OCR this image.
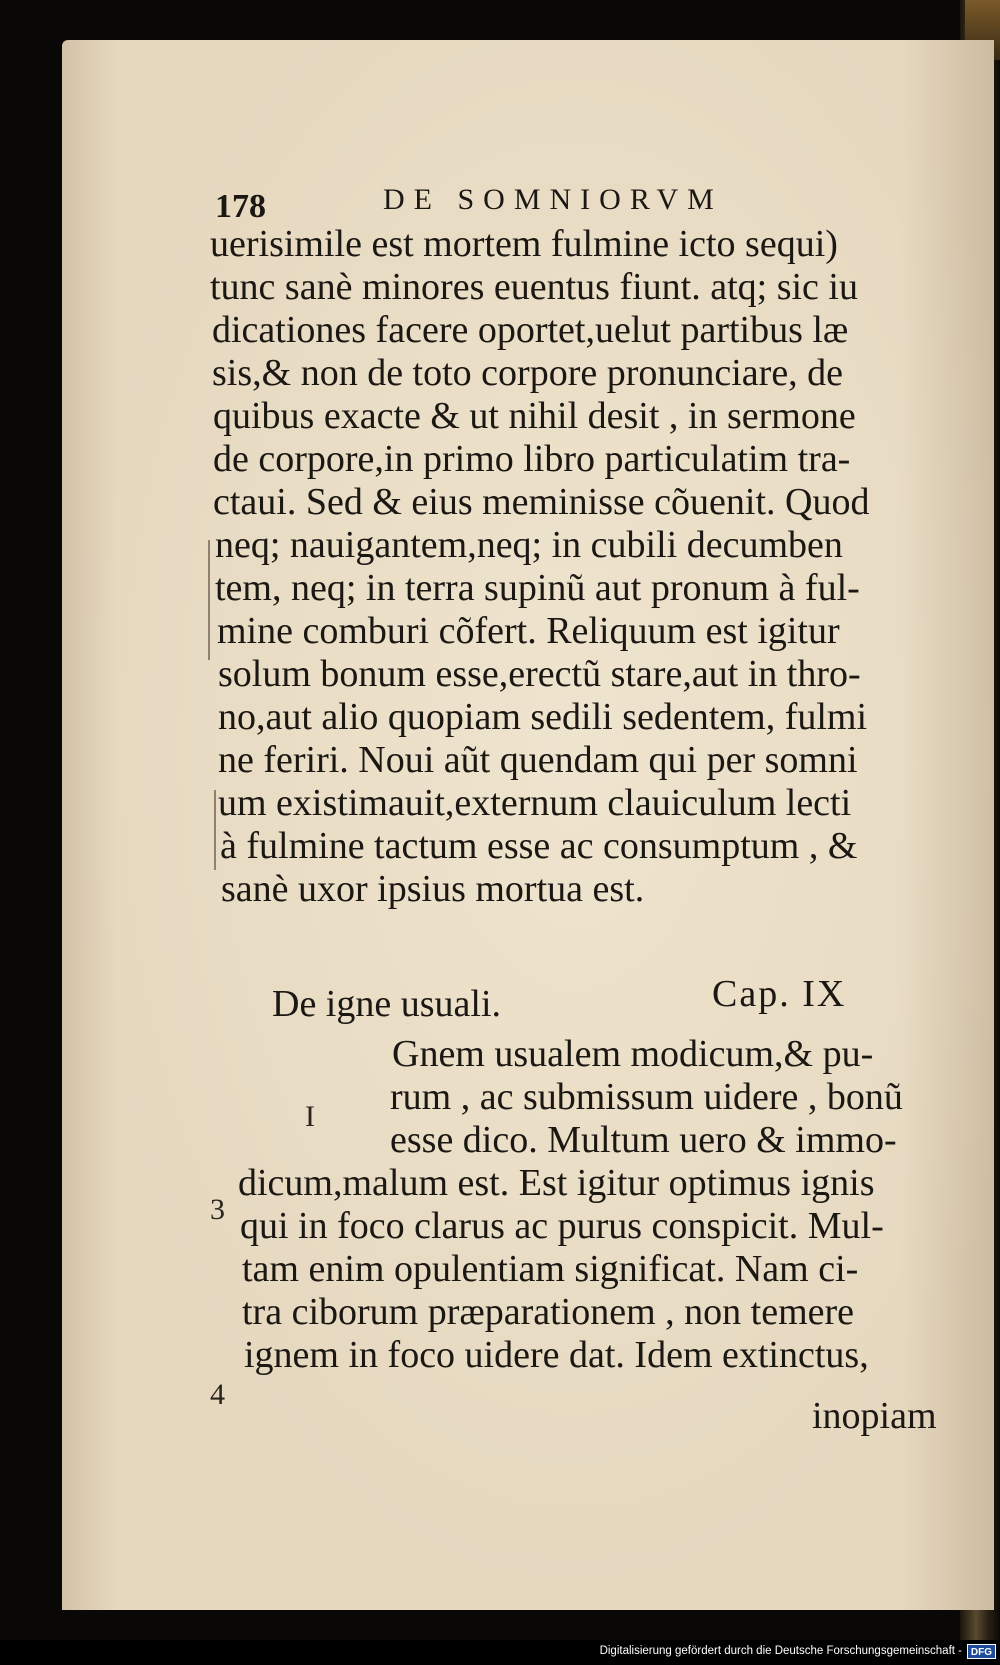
178	DE SOMNIORVM
uerisimile est mortem fulmine icto sequi)
tunc sanè minores euentus fiunt. atq; sic iu
dicationes facere oportet,uelut partibus læ
sis,& non de toto corpore pronunciare, de
quibus exacte & ut nihil desit , in sermone
de corpore,in primo libro particulatim tra-
ctaui. Sed & eius meminisse cõuenit. Quod
neq; nauigantem,neq; in cubili decumben
tem, neq; in terra supinũ aut pronum à ful-
mine comburi cõfert. Reliquum est igitur
solum bonum esse,erectũ stare,aut in thro-
no,aut alio quopiam sedili sedentem, fulmi
ne feriri. Noui aũt quendam qui per somni
um existimauit,externum clauiculum lecti
à fulmine tactum esse ac consumptum , &
sanè uxor ipsius mortua est.
De igne usuali.	Cap. IX
Gnem usualem modicum,& pu-
rum , ac submissum uidere , bonũ
esse dico. Multum uero & immo-
dicum,malum est. Est igitur optimus ignis
qui in foco clarus ac purus conspicit. Mul-
tam enim opulentiam significat. Nam ci-
tra ciborum præparationem , non temere
ignem in foco uidere dat. Idem extinctus,
I
3
4
inopiam
Digitalisierung gefördert durch die Deutsche Forschungsgemeinschaft - DFG
